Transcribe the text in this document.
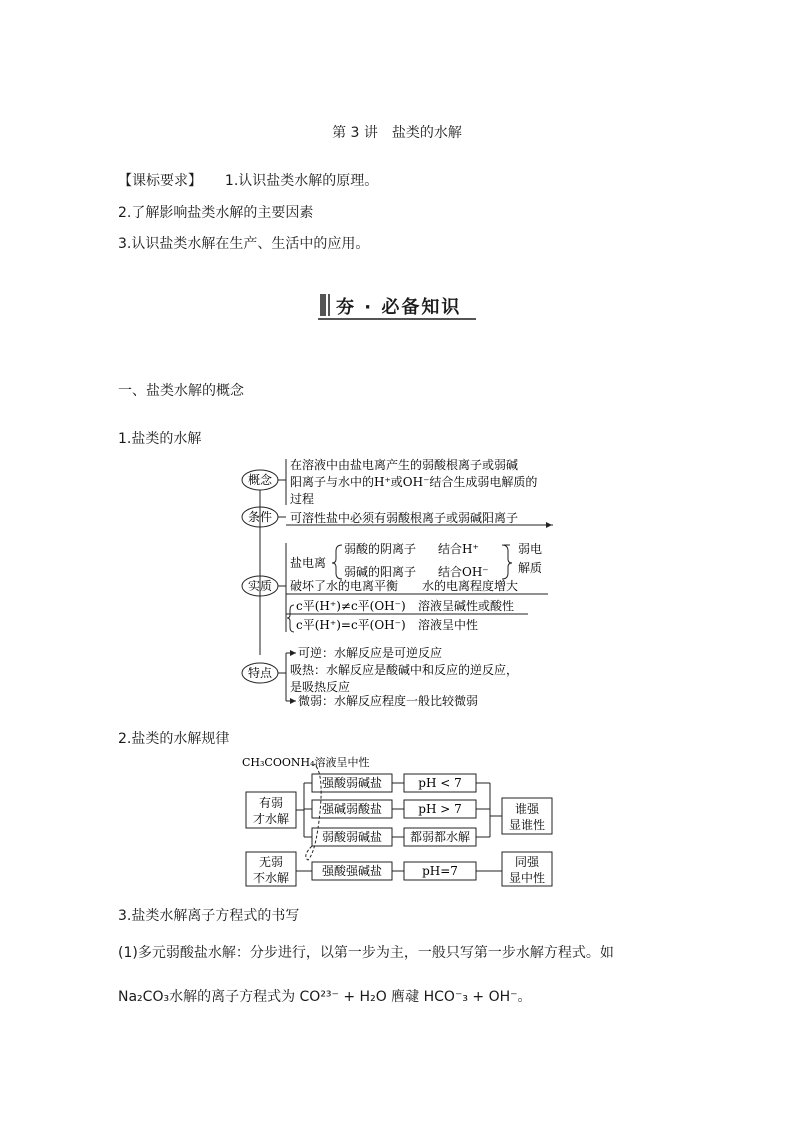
第 3 讲　盐类的水解
【课标要求】 1.认识盐类水解的原理。
2.了解影响盐类水解的主要因素
3.认识盐类水解在生产、生活中的应用。
夯 · 必备知识
一、盐类水解的概念
1.盐类的水解
概念
条件
实质
特点
在溶液中由盐电离产生的弱酸根离子或弱碱
阳离子与水中的H⁺或OH⁻结合生成弱电解质的
过程
可溶性盐中必须有弱酸根离子或弱碱阳离子
盐电离
弱酸的阴离子
弱碱的阳离子
结合H⁺
结合OH⁻
弱电
解质
破坏了水的电离平衡 水的电离程度增大
c平(H⁺)≠c平(OH⁻) 溶液呈碱性或酸性
c平(H⁺)=c平(OH⁻) 溶液呈中性
可逆：水解反应是可逆反应
吸热：水解反应是酸碱中和反应的逆反应，
是吸热反应
微弱：水解反应程度一般比较微弱
2.盐类的水解规律
CH₃COONH₄溶液呈中性
有弱
才水解
无弱
不水解
强酸弱碱盐
强碱弱酸盐
弱酸弱碱盐
强酸强碱盐
pH < 7
pH > 7
都弱都水解
pH=7
谁强
显谁性
同强
显中性
3.盐类水解离子方程式的书写
(1)多元弱酸盐水解：分步进行，以第一步为主，一般只写第一步水解方程式。如
Na₂CO₃水解的离子方程式为 CO²³⁻ + H₂O 噟叇 HCO⁻₃ + OH⁻。
